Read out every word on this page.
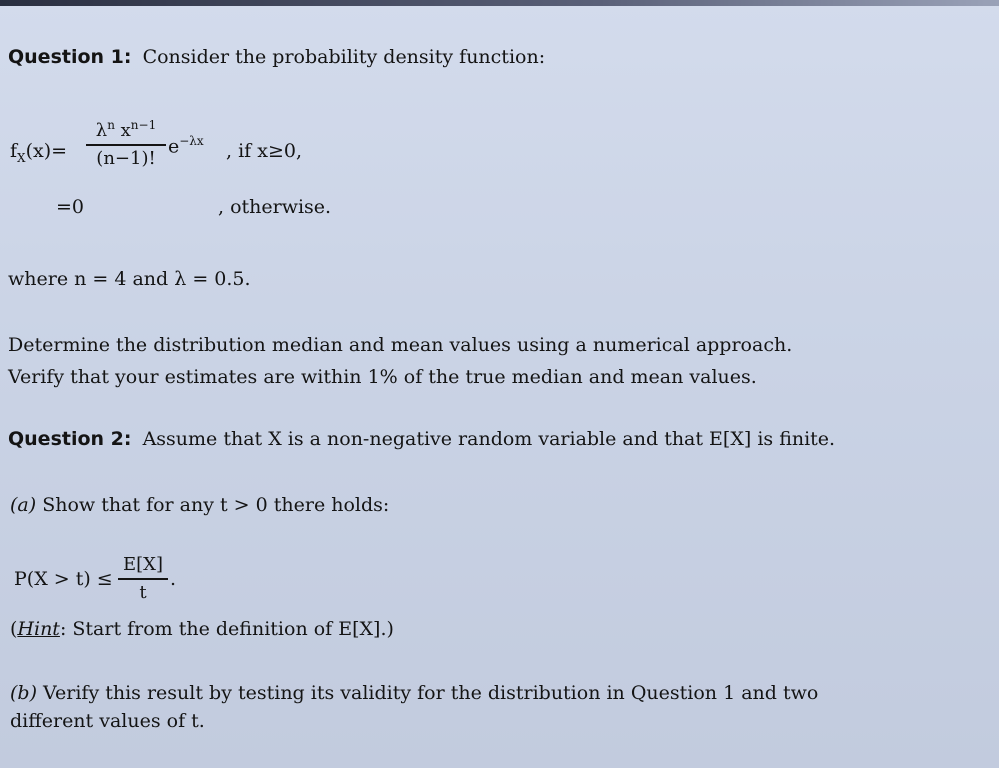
Question 1: Consider the probability density function:
$f_X(x)=$
$\lambda^n$ $x^{n-1}$
(n−1)!
$e^{-\lambda x}$ , if x≥0,
=0	, otherwise.
where n = 4 and λ = 0.5.
Determine the distribution median and mean values using a numerical approach.
Verify that your estimates are within 1% of the true median and mean values.
Question 2: Assume that X is a non-negative random variable and that E[X] is finite.
(a) Show that for any t > 0 there holds:
P(X > t) ≤
E[X]
t
.
(Hint: Start from the definition of E[X].)
(b) Verify this result by testing its validity for the distribution in Question 1 and two
different values of t.
